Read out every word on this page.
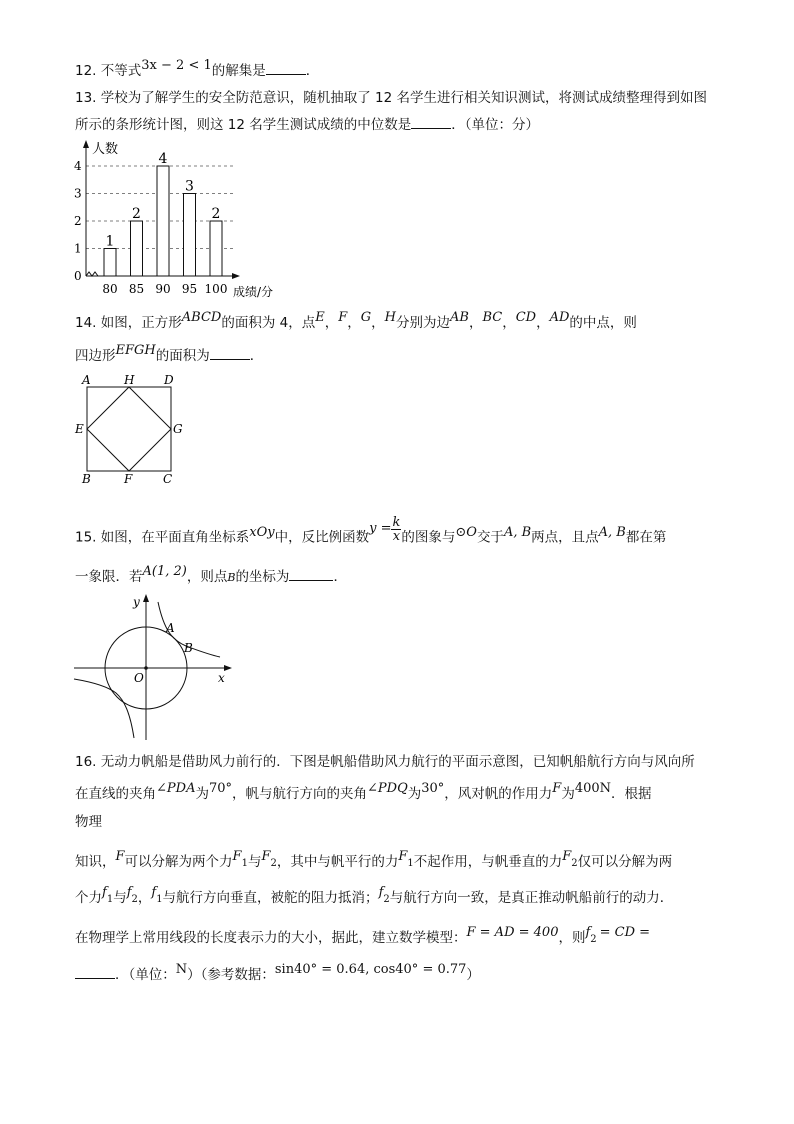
12. 不等式3x − 2 < 1的解集是	．
13. 学校为了解学生的安全防范意识，随机抽取了 12 名学生进行相关知识测试，将测试成绩整理得到如图
所示的条形统计图，则这 12 名学生测试成绩的中位数是	．（单位：分）
0
1
2
3
4
1
80
2
85
4
90
3
95
2
100
人数
成绩/分
14. 如图，正方形ABCD的面积为 4，点E，F，G，H分别为边AB，BC，CD，AD的中点，则
四边形EFGH的面积为	．
A	H D
E	G
B	F	C
15. 如图，在平面直角坐标系xOy中，反比例函数$y = \frac{k}{x}$ 的图象与⊙O交于A, B两点，且点A, B都在第
一象限．若A(1, 2)，则点B的坐标为	．
y
x
O
A
B
16. 无动力帆船是借助风力前行的．下图是帆船借助风力航行的平面示意图，已知帆船航行方向与风向所
在直线的夹角∠PDA为70°，帆与航行方向的夹角∠PDQ为30°，风对帆的作用力F为400N．根据
物理
知识，F可以分解为两个力F1与F2，其中与帆平行的力F1不起作用，与帆垂直的力F2仅可以分解为两
个力f1与f2，f1与航行方向垂直，被舵的阻力抵消；f2与航行方向一致，是真正推动帆船前行的动力．
在物理学上常用线段的长度表示力的大小，据此，建立数学模型：F = AD = 400，则f2 = CD =
．（单位：N）（参考数据：sin40° = 0.64, cos40° = 0.77）
